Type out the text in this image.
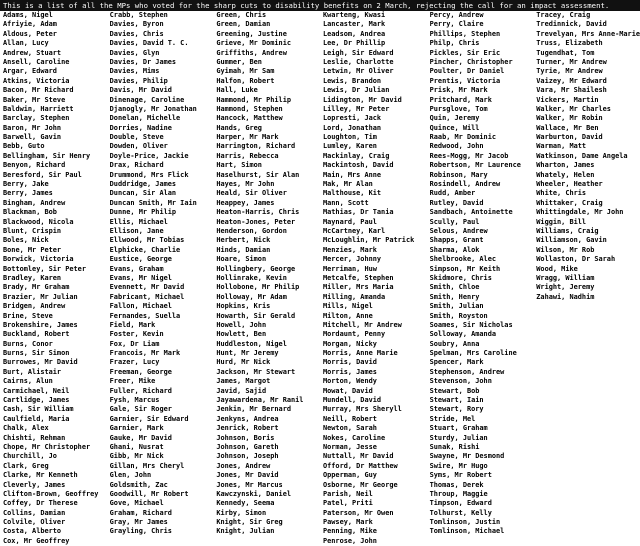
This is a list of all the MPs who voted for the sharp cuts to disability benefits on 2 March, rejecting the call for an impact assessment.
Adams, Nigel
Afriyie, Adam
Aldous, Peter
Allan, Lucy
Andrew, Stuart
Ansell, Caroline
Argar, Edward
Atkins, Victoria
Bacon, Mr Richard
Baker, Mr Steve
Baldwin, Harriett
Barclay, Stephen
Baron, Mr John
Barwell, Gavin
Bebb, Guto
Bellingham, Sir Henry
Benyon, Richard
Beresford, Sir Paul
Berry, Jake
Berry, James
Bingham, Andrew
Blackman, Bob
Blackwood, Nicola
Blunt, Crispin
Boles, Nick
Bone, Mr Peter
Borwick, Victoria
Bottomley, Sir Peter
Bradley, Karen
Brady, Mr Graham
Brazier, Mr Julian
Bridgen, Andrew
Brine, Steve
Brokenshire, James
Buckland, Robert
Burns, Conor
Burns, Sir Simon
Burrowes, Mr David
Burt, Alistair
Cairns, Alun
Carmichael, Neil
Cartlidge, James
Cash, Sir William
Caulfield, Maria
Chalk, Alex
Chishti, Rehman
Chope, Mr Christopher
Churchill, Jo
Clark, Greg
Clarke, Mr Kenneth
Cleverly, James
Clifton-Brown, Geoffrey
Coffey, Dr Therese
Collins, Damian
Colvile, Oliver
Costa, Alberto
Cox, Mr Geoffrey
Crabb, Stephen
Davies, Byron
Davies, Chris
Davies, David T. C.
Davies, Glyn
Davies, Dr James
Davies, Mims
Davies, Philip
Davis, Mr David
Dinenage, Caroline
Djanogly, Mr Jonathan
Donelan, Michelle
Dorries, Nadine
Double, Steve
Dowden, Oliver
Doyle-Price, Jackie
Drax, Richard
Drummond, Mrs Flick
Duddridge, James
Duncan, Sir Alan
Duncan Smith, Mr Iain
Dunne, Mr Philip
Ellis, Michael
Ellison, Jane
Ellwood, Mr Tobias
Elphicke, Charlie
Eustice, George
Evans, Graham
Evans, Mr Nigel
Evennett, Mr David
Fabricant, Michael
Fallon, Michael
Fernandes, Suella
Field, Mark
Foster, Kevin
Fox, Dr Liam
Francois, Mr Mark
Frazer, Lucy
Freeman, George
Freer, Mike
Fuller, Richard
Fysh, Marcus
Gale, Sir Roger
Garnier, Sir Edward
Garnier, Mark
Gauke, Mr David
Ghani, Nusrat
Gibb, Mr Nick
Gillan, Mrs Cheryl
Glen, John
Goldsmith, Zac
Goodwill, Mr Robert
Gove, Michael
Graham, Richard
Gray, Mr James
Grayling, Chris
Green, Chris
Green, Damian
Greening, Justine
Grieve, Mr Dominic
Griffiths, Andrew
Gummer, Ben
Gyimah, Mr Sam
Halfon, Robert
Hall, Luke
Hammond, Mr Philip
Hammond, Stephen
Hancock, Matthew
Hands, Greg
Harper, Mr Mark
Harrington, Richard
Harris, Rebecca
Hart, Simon
Haselhurst, Sir Alan
Hayes, Mr John
Heald, Sir Oliver
Heappey, James
Heaton-Harris, Chris
Heaton-Jones, Peter
Henderson, Gordon
Herbert, Nick
Hinds, Damian
Hoare, Simon
Hollingbery, George
Hollinrake, Kevin
Hollobone, Mr Philip
Holloway, Mr Adam
Hopkins, Kris
Howarth, Sir Gerald
Howell, John
Howlett, Ben
Huddleston, Nigel
Hunt, Mr Jeremy
Hurd, Mr Nick
Jackson, Mr Stewart
James, Margot
Javid, Sajid
Jayawardena, Mr Ranil
Jenkin, Mr Bernard
Jenkyns, Andrea
Jenrick, Robert
Johnson, Boris
Johnson, Gareth
Johnson, Joseph
Jones, Andrew
Jones, Mr David
Jones, Mr Marcus
Kawczynski, Daniel
Kennedy, Seema
Kirby, Simon
Knight, Sir Greg
Knight, Julian
Kwarteng, Kwasi
Lancaster, Mark
Leadsom, Andrea
Lee, Dr Phillip
Leigh, Sir Edward
Leslie, Charlotte
Letwin, Mr Oliver
Lewis, Brandon
Lewis, Dr Julian
Lidington, Mr David
Lilley, Mr Peter
Lopresti, Jack
Lord, Jonathan
Loughton, Tim
Lumley, Karen
Mackinlay, Craig
Mackintosh, David
Main, Mrs Anne
Mak, Mr Alan
Malthouse, Kit
Mann, Scott
Mathias, Dr Tania
Maynard, Paul
McCartney, Karl
McLoughlin, Mr Patrick
Menzies, Mark
Mercer, Johnny
Merriman, Huw
Metcalfe, Stephen
Miller, Mrs Maria
Milling, Amanda
Mills, Nigel
Milton, Anne
Mitchell, Mr Andrew
Mordaunt, Penny
Morgan, Nicky
Morris, Anne Marie
Morris, David
Morris, James
Morton, Wendy
Mowat, David
Mundell, David
Murray, Mrs Sheryll
Neill, Robert
Newton, Sarah
Nokes, Caroline
Norman, Jesse
Nuttall, Mr David
Offord, Dr Matthew
Opperman, Guy
Osborne, Mr George
Parish, Neil
Patel, Priti
Paterson, Mr Owen
Pawsey, Mark
Penning, Mike
Penrose, John
Percy, Andrew
Perry, Claire
Phillips, Stephen
Philp, Chris
Pickles, Sir Eric
Pincher, Christopher
Poulter, Dr Daniel
Prentis, Victoria
Prisk, Mr Mark
Pritchard, Mark
Pursglove, Tom
Quin, Jeremy
Quince, Will
Raab, Mr Dominic
Redwood, John
Rees-Mogg, Mr Jacob
Robertson, Mr Laurence
Robinson, Mary
Rosindell, Andrew
Rudd, Amber
Rutley, David
Sandbach, Antoinette
Scully, Paul
Selous, Andrew
Shapps, Grant
Sharma, Alok
Shelbrooke, Alec
Simpson, Mr Keith
Skidmore, Chris
Smith, Chloe
Smith, Henry
Smith, Julian
Smith, Royston
Soames, Sir Nicholas
Solloway, Amanda
Soubry, Anna
Spelman, Mrs Caroline
Spencer, Mark
Stephenson, Andrew
Stevenson, John
Stewart, Bob
Stewart, Iain
Stewart, Rory
Stride, Mel
Stuart, Graham
Sturdy, Julian
Sunak, Rishi
Swayne, Mr Desmond
Swire, Mr Hugo
Syms, Mr Robert
Thomas, Derek
Throup, Maggie
Timpson, Edward
Tolhurst, Kelly
Tomlinson, Justin
Tomlinson, Michael
Tracey, Craig
Tredinnick, David
Trevelyan, Mrs Anne-Marie
Truss, Elizabeth
Tugendhat, Tom
Turner, Mr Andrew
Tyrie, Mr Andrew
Vaizey, Mr Edward
Vara, Mr Shailesh
Vickers, Martin
Walker, Mr Charles
Walker, Mr Robin
Wallace, Mr Ben
Warburton, David
Warman, Matt
Watkinson, Dame Angela
Wharton, James
Whately, Helen
Wheeler, Heather
White, Chris
Whittaker, Craig
Whittingdale, Mr John
Wiggin, Bill
Williams, Craig
Williamson, Gavin
Wilson, Mr Rob
Wollaston, Dr Sarah
Wood, Mike
Wragg, William
Wright, Jeremy
Zahawi, Nadhim
